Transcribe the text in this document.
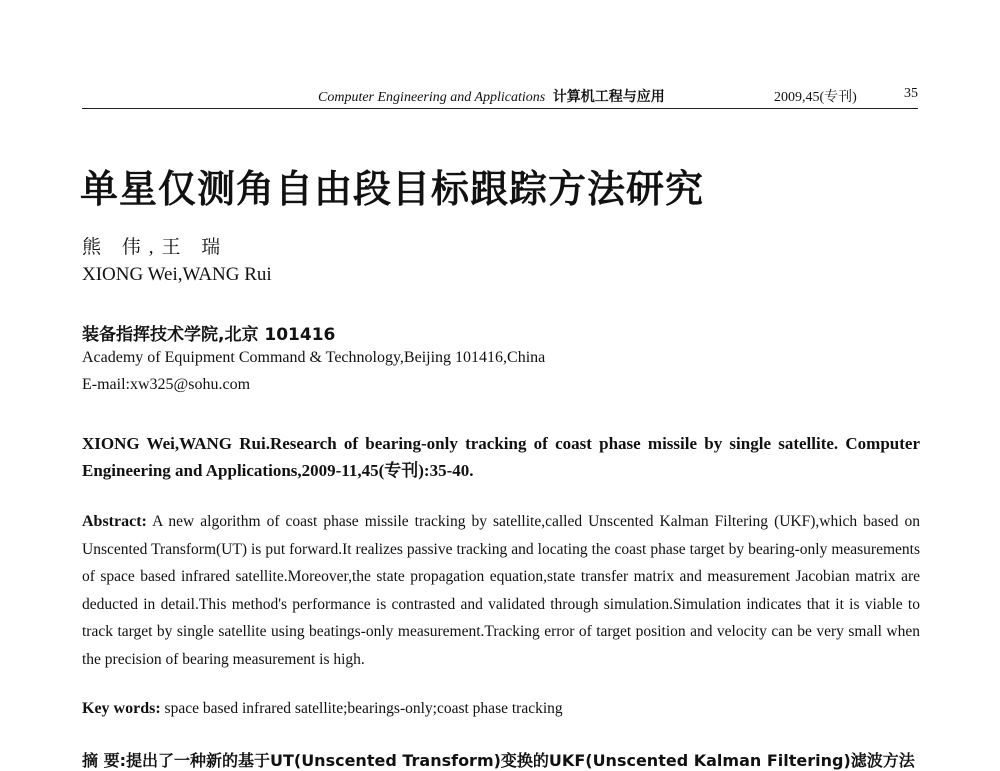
Computer Engineering and Applications 计算机工程与应用	2009,45(专刊)	35
单星仅测角自由段目标跟踪方法研究
熊 伟,王 瑞
XIONG Wei,WANG Rui
装备指挥技术学院,北京 101416
Academy of Equipment Command & Technology,Beijing 101416,China
E-mail:xw325@sohu.com
XIONG Wei,WANG Rui.Research of bearing-only tracking of coast phase missile by single satellite. Computer Engineering and Applications,2009-11,45(专刊):35-40.
Abstract: A new algorithm of coast phase missile tracking by satellite,called Unscented Kalman Filtering (UKF),which based on Unscented Transform(UT) is put forward.It realizes passive tracking and locating the coast phase target by bearing-only measurements of space based infrared satellite.Moreover,the state propagation equation,state transfer matrix and measurement Jacobian matrix are deducted in detail.This method's performance is contrasted and validated through simulation.Simulation indicates that it is viable to track target by single satellite using beatings-only measurement.Tracking error of target position and velocity can be very small when the precision of bearing measurement is high.
Key words: space based infrared satellite;bearings-only;coast phase tracking
摘 要:提出了一种新的基于UT(Unscented Transform)变换的UKF(Unscented Kalman Filtering)滤波方法
